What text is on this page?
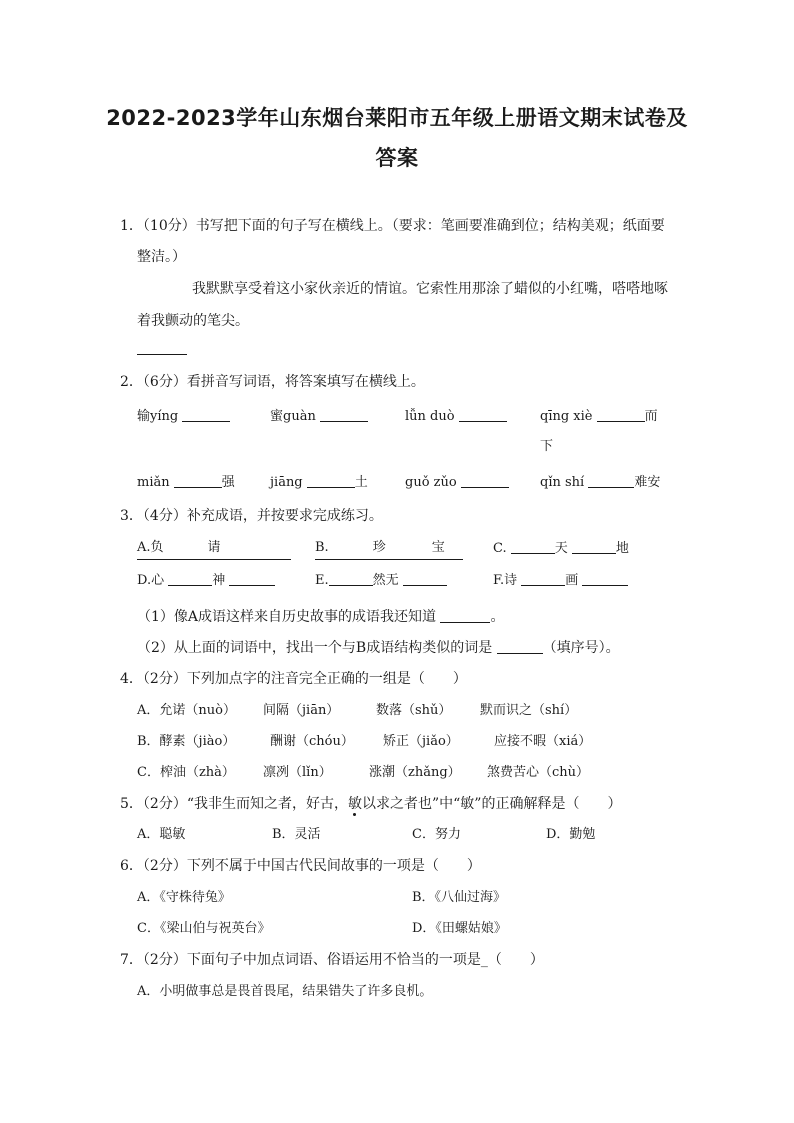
2022-2023学年山东烟台莱阳市五年级上册语文期末试卷及答案
1．（10分）书写把下面的句子写在横线上。（要求：笔画要准确到位；结构美观；纸面要
整洁。）
我默默享受着这小家伙亲近的情谊。它索性用那涂了蜡似的小红嘴，嗒嗒地啄
着我颤动的笔尖。
2．（6分）看拼音写词语，将答案填写在横线上。
输yíng	蜜guàn	lǚn duò	qīng xiè	而
下
miǎn	强	jiāng	土	guǒ zǔo	qǐn shí	难安
3．（4分）补充成语，并按要求完成练习。
A.负	请	B.	珍	宝	C.	天	地
D.心	神	E.	然无	F.诗	画
（1）像A成语这样来自历史故事的成语我还知道	。
（2）从上面的词语中，找出一个与B成语结构类似的词是	（填序号）。
4．（2分）下列加点字的注音完全正确的一组是（　　）
A．允诺（nuò） 间隔（jiān）	数落（shǔ） 默而识之（shí）
B．酵素（jiào）	酬谢（chóu） 矫正（jiǎo）	应接不暇（xiá）
C．榨油（zhà） 凛冽（lǐn）	涨潮（zhǎng） 煞费苦心（chù）
5．（2分）“我非生而知之者，好古，敏以求之者也”中“敏”的正确解释是（　　）
A．聪敏	B．灵活	C．努力	D．勤勉
6．（2分）下列不属于中国古代民间故事的一项是（　　）
A．《守株待兔》	B．《八仙过海》
C．《梁山伯与祝英台》	D．《田螺姑娘》
7．（2分）下面句子中加点词语、俗语运用不恰当的一项是_（　　）
A．小明做事总是畏首畏尾，结果错失了许多良机。
